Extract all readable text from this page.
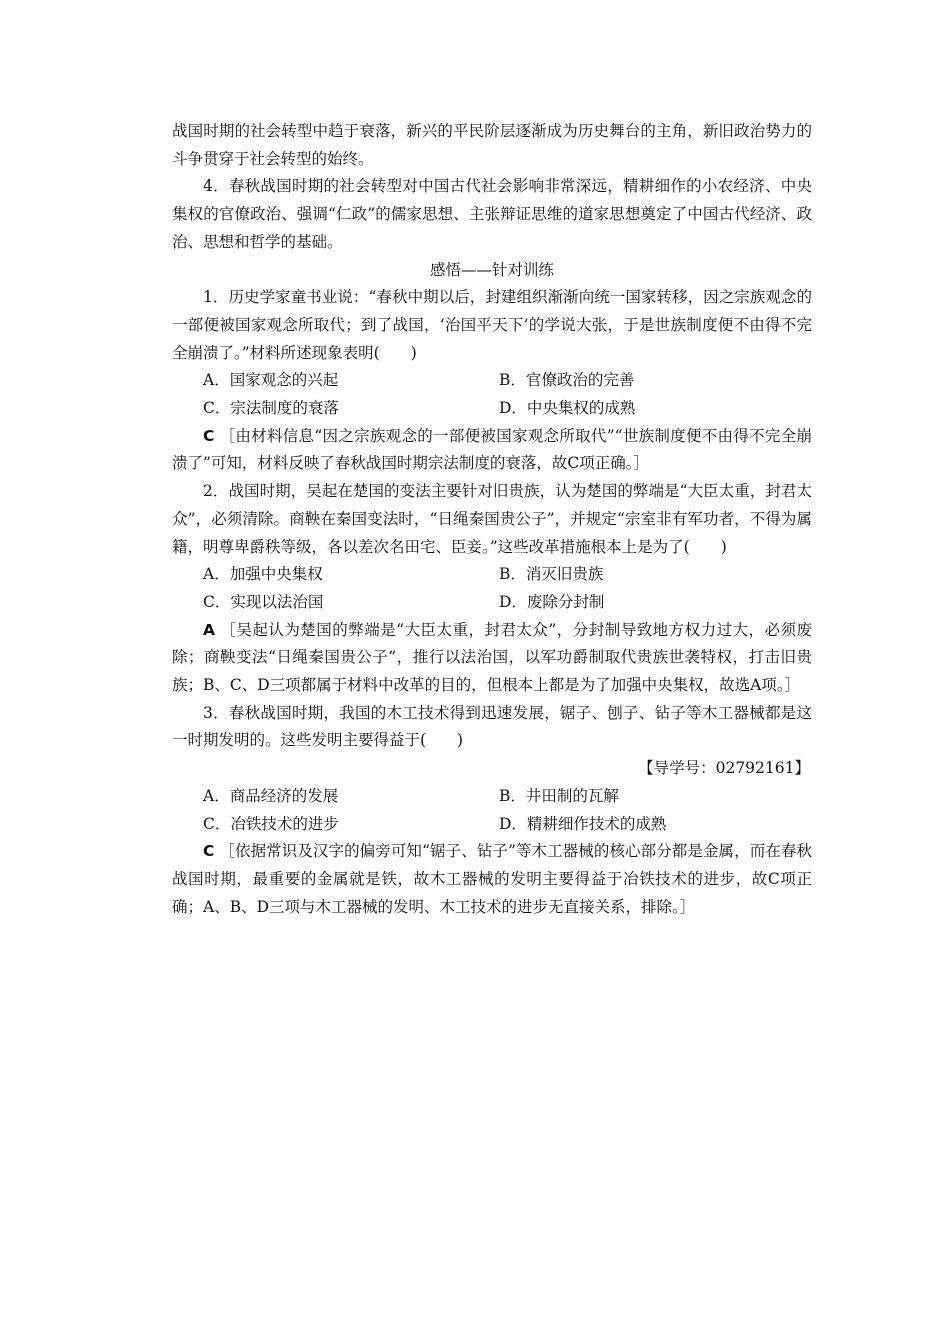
战国时期的社会转型中趋于衰落，新兴的平民阶层逐渐成为历史舞台的主角，新旧政治势力的斗争贯穿于社会转型的始终。

4．春秋战国时期的社会转型对中国古代社会影响非常深远，精耕细作的小农经济、中央集权的官僚政治、强调“仁政”的儒家思想、主张辩证思维的道家思想奠定了中国古代经济、政治、思想和哲学的基础。

感悟——针对训练

1．历史学家童书业说：“春秋中期以后，封建组织渐渐向统一国家转移，因之宗族观念的一部便被国家观念所取代；到了战国，‘治国平天下’的学说大张，于是世族制度便不由得不完全崩溃了。”材料所述现象表明(　　)

A．国家观念的兴起	B．官僚政治的完善
C．宗法制度的衰落	D．中央集权的成熟

C ［由材料信息“因之宗族观念的一部便被国家观念所取代”“世族制度便不由得不完全崩溃了”可知，材料反映了春秋战国时期宗法制度的衰落，故C项正确。］

2．战国时期，吴起在楚国的变法主要针对旧贵族，认为楚国的弊端是“大臣太重，封君太众”，必须清除。商鞅在秦国变法时，“日绳秦国贵公子”，并规定“宗室非有军功者，不得为属籍，明尊卑爵秩等级，各以差次名田宅、臣妾。”这些改革措施根本上是为了(　　)

A．加强中央集权	B．消灭旧贵族
C．实现以法治国	D．废除分封制

A ［吴起认为楚国的弊端是“大臣太重，封君太众”，分封制导致地方权力过大，必须废除；商鞅变法“日绳秦国贵公子”，推行以法治国，以军功爵制取代贵族世袭特权，打击旧贵族；B、C、D三项都属于材料中改革的目的，但根本上都是为了加强中央集权，故选A项。］

3．春秋战国时期，我国的木工技术得到迅速发展，锯子、刨子、钻子等木工器械都是这一时期发明的。这些发明主要得益于(　　)

【导学号：02792161】

A．商品经济的发展	B．井田制的瓦解
C．冶铁技术的进步	D．精耕细作技术的成熟

C ［依据常识及汉字的偏旁可知“锯子、钻子”等木工器械的核心部分都是金属，而在春秋战国时期，最重要的金属就是铁，故木工器械的发明主要得益于冶铁技术的进步，故C项正确；A、B、D三项与木工器械的发明、木工技术的进步无直接关系，排除。］
